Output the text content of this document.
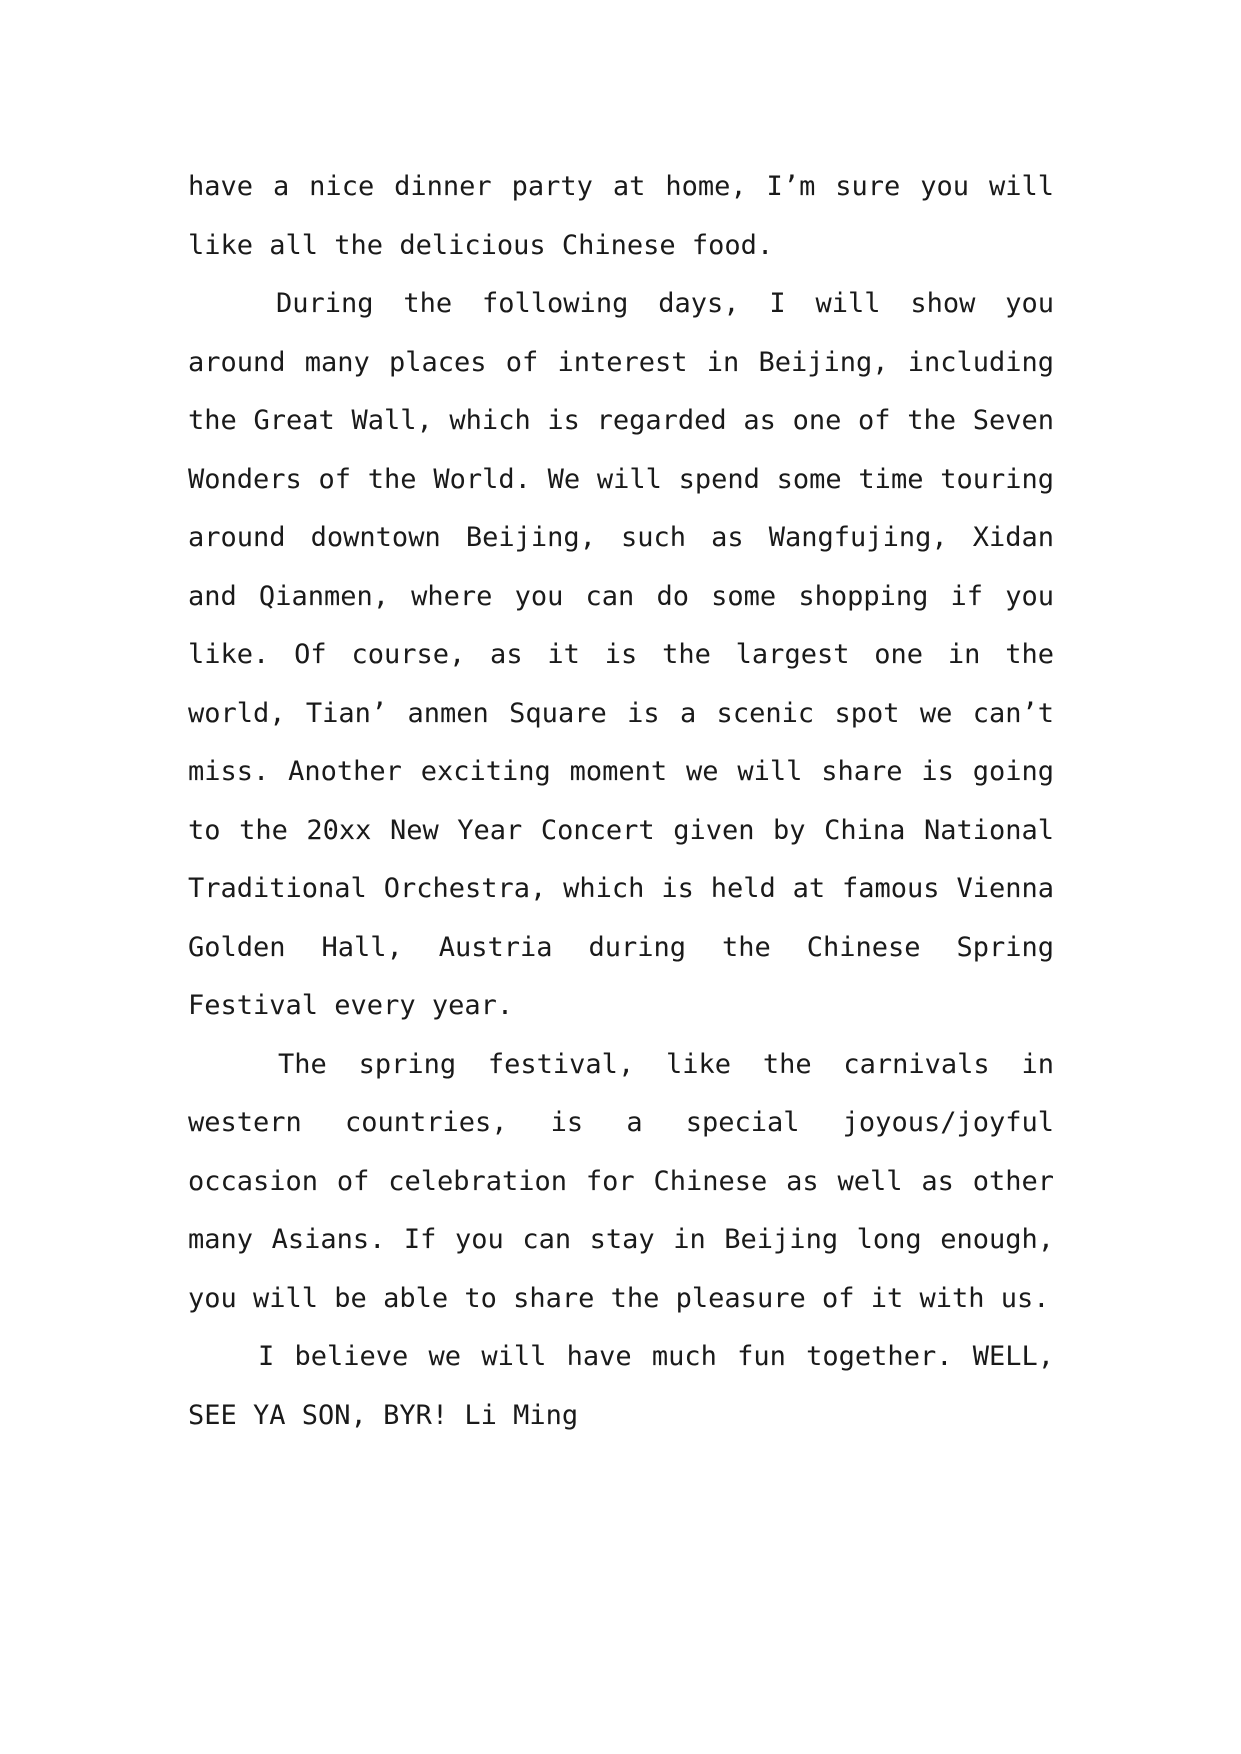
have a nice dinner party at home, I’m sure you will like all the delicious Chinese food.

During the following days, I will show you around many places of interest in Beijing, including the Great Wall, which is regarded as one of the Seven Wonders of the World. We will spend some time touring around downtown Beijing, such as Wangfujing, Xidan and Qianmen, where you can do some shopping if you like. Of course, as it is the largest one in the world, Tian’ anmen Square is a scenic spot we can’t miss. Another exciting moment we will share is going to the 20xx New Year Concert given by China National Traditional Orchestra, which is held at famous Vienna Golden Hall, Austria during the Chinese Spring Festival every year.

The spring festival, like the carnivals in western countries, is a special joyous/joyful occasion of celebration for Chinese as well as other many Asians. If you can stay in Beijing long enough, you will be able to share the pleasure of it with us.

I believe we will have much fun together. WELL, SEE YA SON, BYR! Li Ming
